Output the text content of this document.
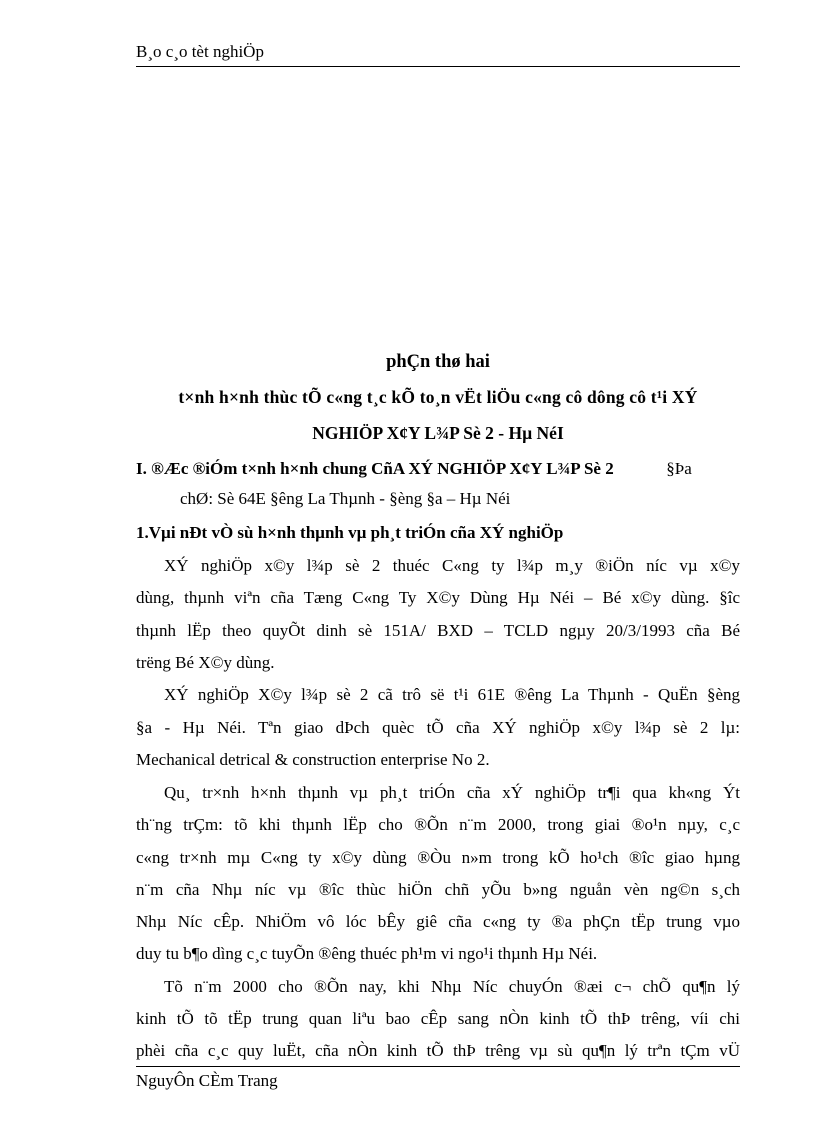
B¸o c¸o tèt nghiÖp
phÇn thø hai
t×nh h×nh thùc tÕ c«ng t¸c kÕ to¸n vËt liÖu c«ng cô dông cô t¹i XÝ
NGHIÖP X¢Y L¾P Sè 2 - Hµ NéI
I. ®Æc ®iÓm t×nh h×nh chung CñA XÝ NGHIÖP X¢Y L¾P Sè 2	§Þa
chØ: Sè 64E §êng La Thµnh - §èng §a – Hµ Néi
1.Vµi nÐt vÒ sù h×nh thµnh vµ ph¸t triÓn cña XÝ nghiÖp
XÝ nghiÖp x©y l¾p sè 2 thuéc C«ng ty l¾p m¸y ®iÖn níc vµ x©y
dùng, thµnh viªn cña Tæng C«ng Ty X©y Dùng Hµ Néi – Bé x©y dùng. §îc
thµnh lËp theo quyÕt dinh sè 151A/ BXD – TCLD ngµy 20/3/1993 cña Bé
trëng Bé X©y dùng.
XÝ nghiÖp X©y l¾p sè 2 cã trô së t¹i 61E ®êng La Thµnh - QuËn §èng
§a - Hµ Néi. Tªn giao dÞch quèc tÕ cña XÝ nghiÖp x©y l¾p sè 2 lµ:
Mechanical detrical & construction enterprise No 2.
Qu¸ tr×nh h×nh thµnh vµ ph¸t triÓn cña xÝ nghiÖp tr¶i qua kh«ng Ýt
th¨ng trÇm: tõ khi thµnh lËp cho ®Õn n¨m 2000, trong giai ®o¹n nµy, c¸c
c«ng tr×nh mµ C«ng ty x©y dùng ®Òu n»m trong kÕ ho¹ch ®îc giao hµng
n¨m cña Nhµ níc vµ ®îc thùc hiÖn chñ yÕu b»ng nguån vèn ng©n s¸ch
Nhµ Níc cÊp. NhiÖm vô lóc bÊy giê cña c«ng ty ®a phÇn tËp trung vµo
duy tu b¶o dìng c¸c tuyÕn ®êng thuéc ph¹m vi ngo¹i thµnh Hµ Néi.
Tõ n¨m 2000 cho ®Õn nay, khi Nhµ Níc chuyÓn ®æi c¬ chÕ qu¶n lý
kinh tÕ tõ tËp trung quan liªu bao cÊp sang nÒn kinh tÕ thÞ trêng, víi chi
phèi cña c¸c quy luËt, cña nÒn kinh tÕ thÞ trêng vµ sù qu¶n lý trªn tÇm vÜ
NguyÔn CÈm Trang
